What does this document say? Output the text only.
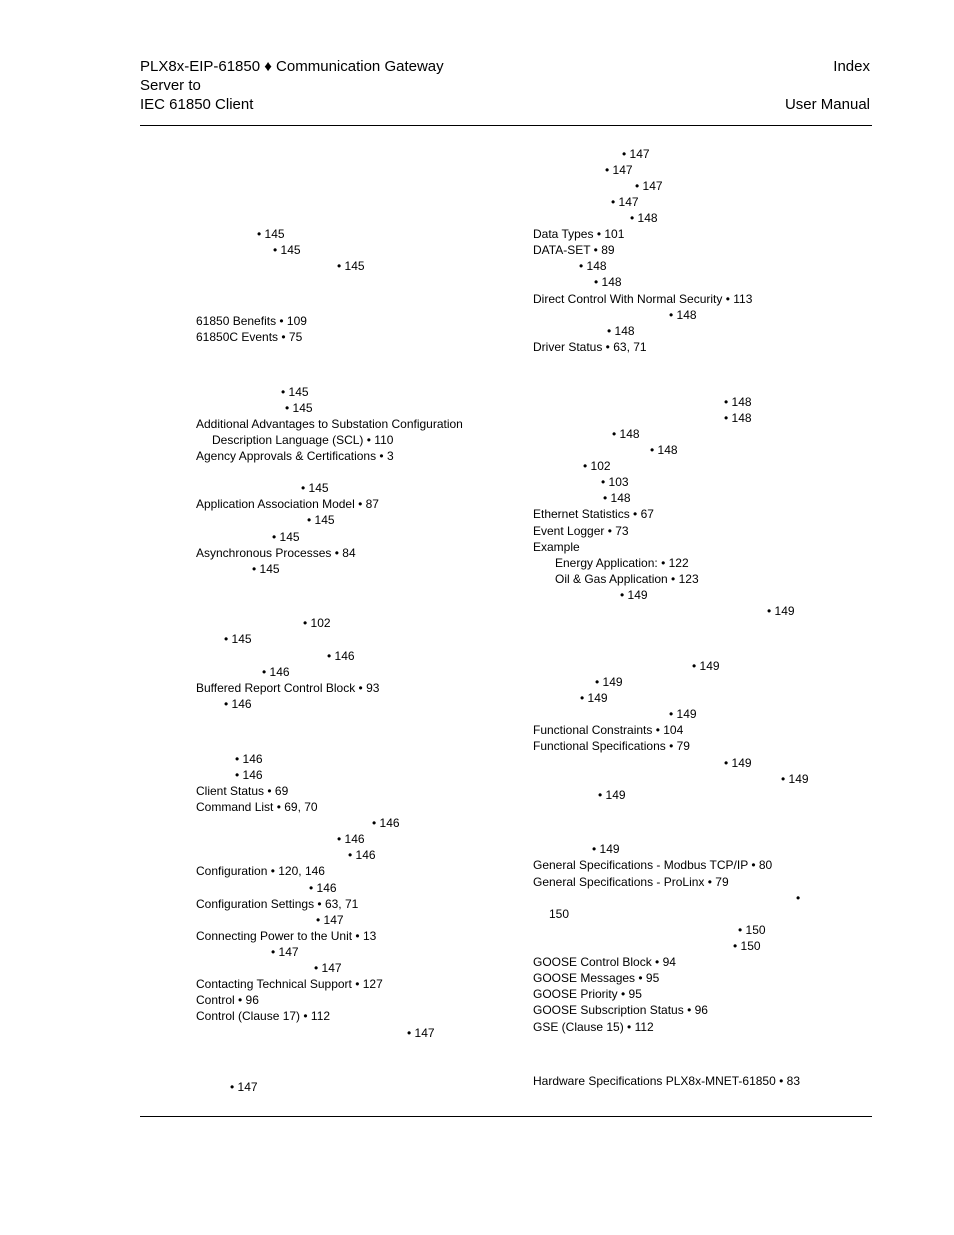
PLX8x-EIP-61850 ♦ Communication Gateway
Server to
IEC 61850 Client
Index
User Manual
• 145
• 145
• 145
61850 Benefits • 109
61850C Events • 75
• 145
• 145
Additional Advantages to Substation Configuration
Description Language (SCL) • 110
Agency Approvals & Certifications • 3
• 145
Application Association Model • 87
• 145
• 145
Asynchronous Processes • 84
• 145
• 102
• 145
• 146
• 146
Buffered Report Control Block • 93
• 146
• 146
• 146
Client Status • 69
Command List • 69, 70
• 146
• 146
• 146
Configuration • 120, 146
• 146
Configuration Settings • 63, 71
• 147
Connecting Power to the Unit • 13
• 147
• 147
Contacting Technical Support • 127
Control • 96
Control (Clause 17) • 112
• 147
• 147
• 147
• 147
• 147
• 147
• 148
Data Types • 101
DATA-SET • 89
• 148
• 148
Direct Control With Normal Security • 113
• 148
• 148
Driver Status • 63, 71
• 148
• 148
• 148
• 148
• 102
• 103
• 148
Ethernet Statistics • 67
Event Logger • 73
Example
Energy Application: • 122
Oil & Gas Application • 123
• 149
• 149
• 149
• 149
• 149
• 149
Functional Constraints • 104
Functional Specifications • 79
• 149
• 149
• 149
• 149
General Specifications - Modbus TCP/IP • 80
General Specifications - ProLinx • 79
•
150
• 150
• 150
GOOSE Control Block • 94
GOOSE Messages • 95
GOOSE Priority • 95
GOOSE Subscription Status • 96
GSE (Clause 15) • 112
Hardware Specifications PLX8x-MNET-61850 • 83
